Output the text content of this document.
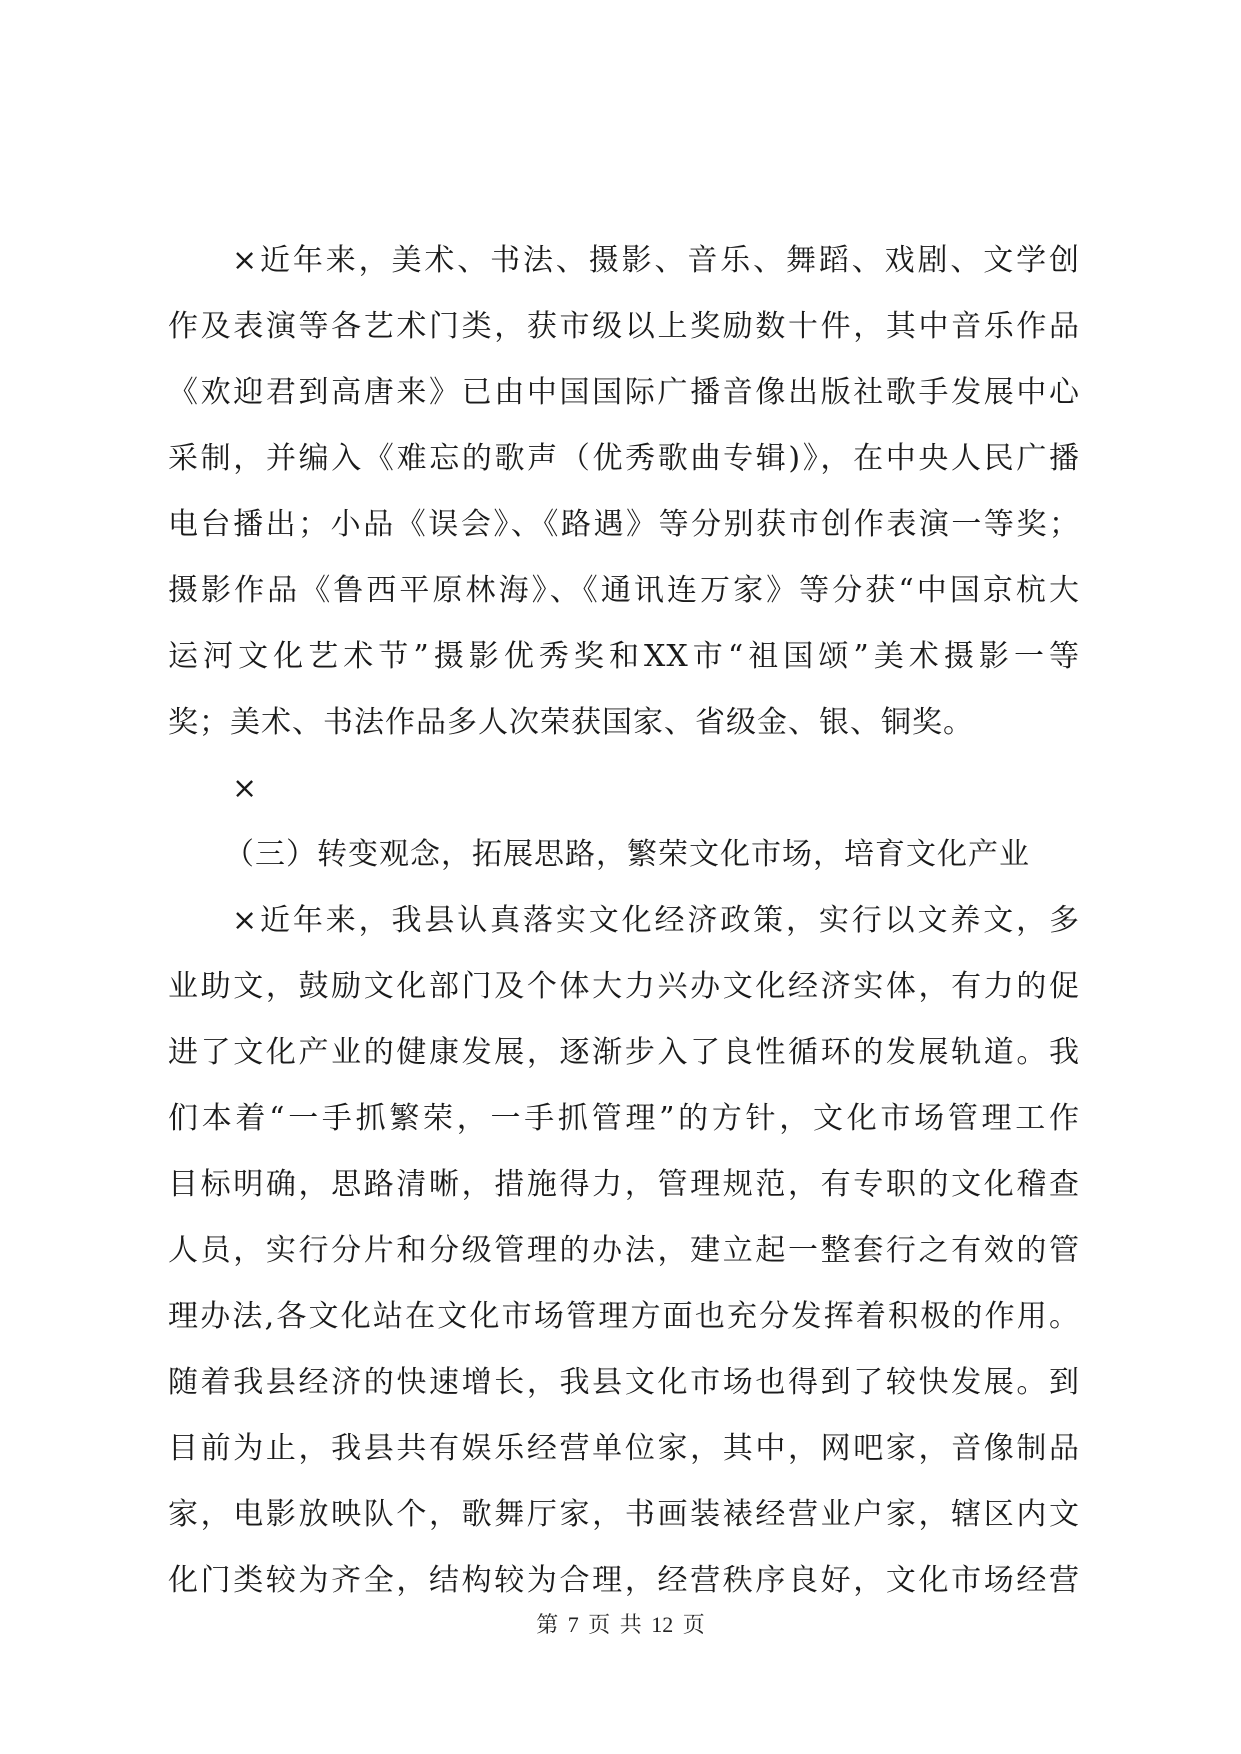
×近年来，美术、书法、摄影、音乐、舞蹈、戏剧、文学创
作及表演等各艺术门类，获市级以上奖励数十件，其中音乐作品
《欢迎君到高唐来》已由中国国际广播音像出版社歌手发展中心
采制，并编入《难忘的歌声（优秀歌曲专辑)》，在中央人民广播
电台播出；小品《误会》、《路遇》等分别获市创作表演一等奖；
摄影作品《鲁西平原林海》、《通讯连万家》等分获“中国京杭大
运河文化艺术节”摄影优秀奖和XX市“祖国颂”美术摄影一等
奖；美术、书法作品多人次荣获国家、省级金、银、铜奖。
×
（三）转变观念，拓展思路，繁荣文化市场，培育文化产业
×近年来，我县认真落实文化经济政策，实行以文养文，多
业助文，鼓励文化部门及个体大力兴办文化经济实体，有力的促
进了文化产业的健康发展，逐渐步入了良性循环的发展轨道。我
们本着“一手抓繁荣，一手抓管理”的方针，文化市场管理工作
目标明确，思路清晰，措施得力，管理规范，有专职的文化稽查
人员，实行分片和分级管理的办法，建立起一整套行之有效的管
理办法,各文化站在文化市场管理方面也充分发挥着积极的作用。
随着我县经济的快速增长，我县文化市场也得到了较快发展。到
目前为止，我县共有娱乐经营单位家，其中，网吧家，音像制品
家，电影放映队个，歌舞厅家，书画装裱经营业户家，辖区内文
化门类较为齐全，结构较为合理，经营秩序良好，文化市场经营
第 7 页 共 12 页
